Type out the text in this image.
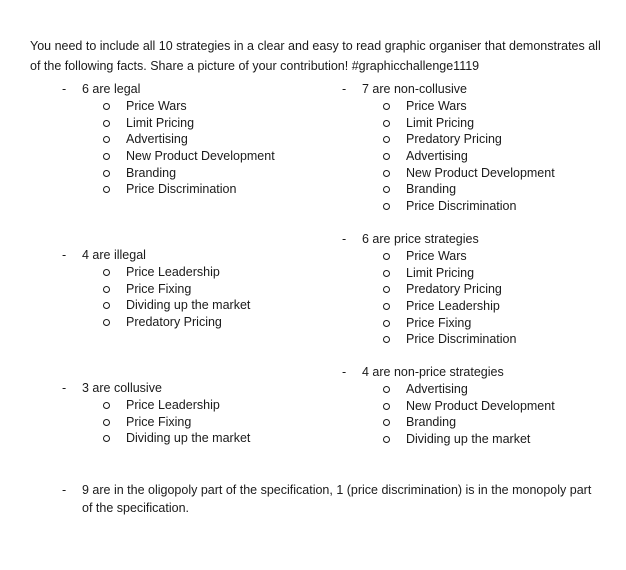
You need to include all 10 strategies in a clear and easy to read graphic organiser that demonstrates all of the following facts. Share a picture of your contribution! #graphicchallenge1119

- 6 are legal
Price Wars
Limit Pricing
Advertising
New Product Development
Branding
Price Discrimination
- 7 are non-collusive
Price Wars
Limit Pricing
Predatory Pricing
Advertising
New Product Development
Branding
Price Discrimination
- 6 are price strategies
Price Wars
Limit Pricing
Predatory Pricing
Price Leadership
Price Fixing
Price Discrimination
- 4 are illegal
Price Leadership
Price Fixing
Dividing up the market
Predatory Pricing
- 4 are non-price strategies
Advertising
New Product Development
Branding
Dividing up the market
- 3 are collusive
Price Leadership
Price Fixing
Dividing up the market
- 9 are in the oligopoly part of the specification, 1 (price discrimination) is in the monopoly part of the specification.
